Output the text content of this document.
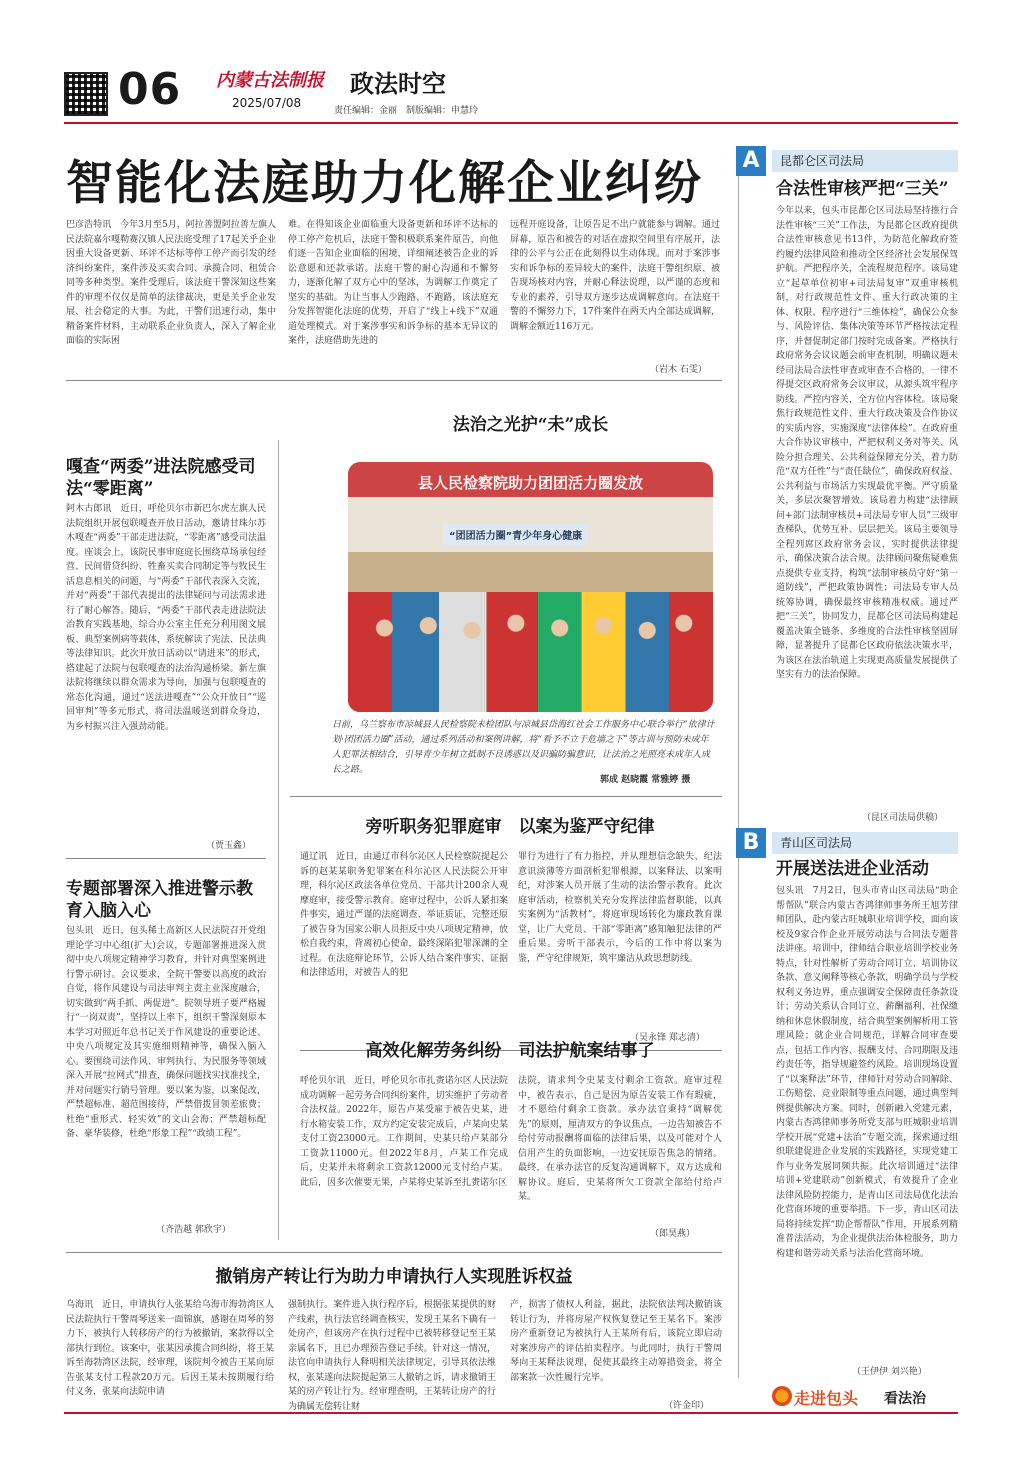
06 内蒙古法制报
2025/07/08
政法时空
责任编辑：金丽　制版编辑：申慧玲
智能化法庭助力化解企业纠纷
巴彦浩特讯　今年3月至5月，阿拉善盟阿拉善左旗人民法院嘉尔嘎勒赛汉镇人民法庭受理了17起关乎企业因重大设备更新、环评不达标等停工停产而引发的经济纠纷案件，案件涉及买卖合同、承揽合同、租赁合同等多种类型。案件受理后，该法庭干警深知这些案件的审理不仅仅是简单的法律裁决，更是关乎企业发展、社会稳定的大事。为此，干警们迅速行动，集中精备案件材料，主动联系企业负责人，深入了解企业面临的实际困
难。在得知该企业面临重大设备更新和环评不达标的停工停产危机后，法庭干警积极联系案件原告，向他们逐一告知企业面临的困境，详细阐述被告企业的诉讼意愿和还款承诺。法庭干警的耐心沟通和不懈努力，逐渐化解了双方心中的坚冰，为调解工作奠定了坚实的基础。为让当事人少跑路、不跑路，该法庭充分发挥智能化法庭的优势，开启了“线上+线下”双通道处理模式。对于案涉事实和诉争标的基本无异议的案件，法庭借助先进的
远程开庭设备，让原告足不出户就能参与调解。通过屏幕，原告和被告的对话在虚拟空间里有序展开，法律的公平与公正在此刻得以生动体现。而对于案涉事实和诉争标的差异较大的案件，法庭干警组织原、被告现场核对内容，并耐心释法说理，以严谨的态度和专业的素养，引导双方逐步达成调解意向。在法庭干警的不懈努力下，17件案件在两天内全部达成调解，调解金额近116万元。
（岩木 石雯）
嘎查“两委”进法院感受司法“零距离”
阿木古郎讯　近日，呼伦贝尔市新巴尔虎左旗人民法院组织开展包联嘎查开放日活动，邀请甘珠尔苏木嘎查“两委”干部走进法院，“零距离”感受司法温度。座谈会上，该院民事审庭庭长围绕草场承包经营、民间借贷纠纷、牲畜买卖合同制定等与牧民生活息息相关的问题，与“两委”干部代表深入交流，并对“两委”干部代表提出的法律疑问与司法需求进行了耐心解答。随后，“两委”干部代表走进法院法治教育实践基地，综合办公室主任充分利用图文展板、典型案例病等载体，系统解读了宪法、民法典等法律知识。此次开放日活动以“请进来”的形式，搭建起了法院与包联嘎查的法治沟通桥梁。新左旗法院将继续以群众需求为导向，加强与包联嘎查的常态化沟通，通过“送法进嘎查”“公众开放日”“巡回审判”等多元形式，将司法温暖送到群众身边，为乡村振兴注入强劲动能。
（贾玉鑫）
专题部署深入推进警示教育入脑入心
包头讯　近日，包头稀土高新区人民法院召开党组理论学习中心组(扩大)会议，专题部署推进深入贯彻中央八项规定精神学习教育，并针对典型案例进行警示研讨。会议要求，全院干警要以高度的政治自觉，将作风建设与司法审判主责主业深度融合，切实做到“两手抓、两促进”。院领导班子要严格履行“一岗双责”，坚持以上率下，组织干警深刻原本本学习对照近年总书记关于作风建设的重要论述、中央八项规定及其实施细则精神等，确保入脑入心。要围绕司法作风、审判执行、为民服务等领域深入开展“拉网式”排查，确保问题找实找准找全，并对问题实行销号管理。要以案为鉴，以案促改，严禁超标准、超范围接待，严禁借拨冒领差旅费；杜绝“重形式、轻实效”的文山会海；严禁超标配备、豪华装修，杜绝“形象工程”“政绩工程”。
（齐浩越 郭欣宇）
法治之光护“未”成长
县人民检察院助力团团活力圈发放
“团团活力圈”青少年身心健康
日前，乌兰察布市凉城县人民检察院未检团队与凉城县岱海红社会工作服务中心联合举行“依律计划·团团活力圈”活动，通过系列活动和案例讲解，将“看予不立于危墙之下”等古训与预防未成年人犯罪法相结合，引导青少年树立抵制不良诱惑以及识骗防骗意识，让法治之光照亮未成年人成长之路。
郭成 赵晓霞 常雅婷 摄
旁听职务犯罪庭审　以案为鉴严守纪律
通辽讯　近日，由通辽市科尔沁区人民检察院提起公诉的赵某某职务犯罪案在科尔沁区人民法院公开审理，科尔沁区政法各单位党员、干部共计200余人观摩庭审，接受警示教育。庭审过程中，公诉人紧扣案件事实，通过严谨的法庭调查、举证质证，完整还原了被告身为国家公职人员拒反中央八项规定精神，放松自我约束，背离初心使命，最终深陷犯罪深渊的全过程。在法庭辩论环节，公诉人结合案件事实、证据和法律适用，对被告人的犯
罪行为进行了有力指控，并从理想信念缺失、纪法意识淡薄等方面剖析犯罪根源，以案释法、以案明纪，对涉案人员开展了生动的法治警示教育。此次庭审活动，检察机关充分发挥法律监督职能，以真实案例为“活教材”，将庭审现场转化为廉政教育课堂，让广大党员、干部“零距离”感知触犯法律的严重后果。旁听干部表示，今后的工作中将以案为鉴，严守纪律规矩，筑牢廉洁从政思想防线。
（吴永锋 郑志清）
高效化解劳务纠纷　司法护航案结事了
呼伦贝尔讯　近日，呼伦贝尔市扎赉诺尔区人民法院成功调解一起劳务合同纠纷案件，切实维护了劳动者合法权益。2022年，原告卢某受雇于被告史某，进行水箱安装工作，双方约定安装完成后，卢某向史某支付工资23000元。工作期间，史某只给卢某部分工资款11000元。但2022年8月，卢某工作完成后，史某并未将剩余工资款12000元支付给卢某。此后，因多次催要无果，卢某将史某诉至扎赉诺尔区
法院，请求判令史某支付剩余工资款。庭审过程中，被告表示，自己是因为原告安装工作有瑕疵，才不愿给付剩余工资款。承办法官秉持“调解优先”的原则，厘清双方的争议焦点，一边告知被告不给付劳动报酬将面临的法律后果，以及可能对个人信用产生的负面影响，一边安抚原告焦急的情绪。最终，在承办法官的反复沟通调解下，双方达成和解协议。庭后，史某将所欠工资款全部给付给卢某。
（郎昊燕）
撤销房产转让行为助力申请执行人实现胜诉权益
乌海讯　近日，申请执行人张某给乌海市海勃湾区人民法院执行干警周琴送来一面锦旗，感谢在周琴的努力下，被执行人转移房产的行为被撤销，案款得以全部执行到位。该案中，张某因承揽合同纠纷，将王某诉至海勃湾区法院，经审理，该院判令被告王某向原告张某支付工程款20万元。后因王某未按期履行给付义务，张某向法院申请
强制执行。案件进入执行程序后，根据张某提供的财产线索，执行法官经调查核实，发现王某名下确有一处房产，但该房产在执行过程中已被转移登记至王某亲属名下，且已办理预告登记手续。针对这一情况，法官向申请执行人释明相关法律规定，引导其依法维权，张某遂向法院提起第三人撤销之诉，请求撤销王某的房产转让行为。经审理查明，王某转让房产的行为确属无偿转让财
产，损害了债权人利益，据此，法院依法判决撤销该转让行为，并将房屋产权恢复登记至王某名下。案涉房产重新登记为被执行人王某所有后，该院立即启动对案涉房产的评估拍卖程序。与此同时，执行干警周琴向王某释法说理，促使其最终主动筹措资金，将全部案款一次性履行完毕。
（许金印）
A	昆都仑区司法局
合法性审核严把“三关”
今年以来，包头市昆都仑区司法局坚持推行合法性审核“三关”工作法，为昆都仑区政府提供合法性审核意见书13件，为防范化解政府签约履约法律风险和推动全区经济社会发展保驾护航。严把程序关，全流程规范程序。该局建立“起草单位初审+司法局复审”双重审核机制，对行政规范性文件、重大行政决策的主体、权限、程序进行“三维体检”，确保公众参与、风险评估、集体决策等环节严格按法定程序，并督促制定部门按时完成备案。严格执行政府常务会议议题会前审查机制，明确议题未经司法局合法性审查或审查不合格的，一律不得提交区政府常务会议审议，从源头筑牢程序防线。严控内容关，全方位内容体检。该局聚焦行政规范性文件、重大行政决策及合作协议的实质内容，实施深度“法律体检”。在政府重大合作协议审核中，严把权利义务对等关、风险分担合理关、公共利益保障充分关，着力防范“双方任性”与“责任缺位”，确保政府权益、公共利益与市场活力实现最优平衡。严守质量关，多层次聚智增效。该局着力构建“法律顾问+部门法制审核员+司法局专审人员”三级审查梯队，优势互补、层层把关。该局主要领导全程列席区政府常务会议，实时提供法律提示，确保决策合法合规。法律顾问聚焦疑难焦点提供专业支持，构筑“法制审核员守好“第一道防线”，严把政策协调性；司法局专审人员统筹协调，确保最终审核精准权威。通过严把“三关”，协同发力，昆都仑区司法局构建起覆盖决策全链条、多维度的合法性审核坚固屏障，显著提升了昆都仑区政府依法决策水平，为该区在法治轨道上实现更高质量发展提供了坚实有力的法治保障。
（昆区司法局供稿）
B	青山区司法局
开展送法进企业活动
包头讯　7月2日，包头市青山区司法局“助企帮帮队”联合内蒙古杏鸿律师事务所王旭芳律师团队，赴内蒙古旺城职业培训学校，面向该校及9家合作企业开展劳动法与合同法专题普法讲座。培训中，律师结合职业培训学校业务特点，针对性解析了劳动合同订立、培训协议条款、意义阐释等核心条款，明确学员与学校权利义务边界，重点强调安全保障责任条款设计；劳动关系认合同订立、薪酬福利、社保缴纳和休息休假制度，结合典型案例解析用工管理风险；就企业合同规范，详解合同审查要点，包括工作内容、报酬支付、合同期限及违约责任等，指导规避签约风险。培训现场设置了“以案释法”环节，律师针对劳动合同解除、工伤赔偿、竞业限制等重点问题，通过典型判例提供解决方案。同时，创新融入党建元素，内蒙古杏鸿律师事务所党支部与旺城职业培训学校开展“党建+法治”专题交流，探索通过组织联建促进企业发展的实践路径，实现党建工作与业务发展同频共振。此次培训通过“法律培训+党建联动”创新模式，有效提升了企业法律风险防控能力，是青山区司法局优化法治化营商环境的重要举措。下一步，青山区司法局将持续发挥“助企帮帮队”作用，开展系列精准普法活动，为企业提供法治体检服务，助力构建和谐劳动关系与法治化营商环境。
（王伊伊 刘兴艳）
走进包头 看法治
